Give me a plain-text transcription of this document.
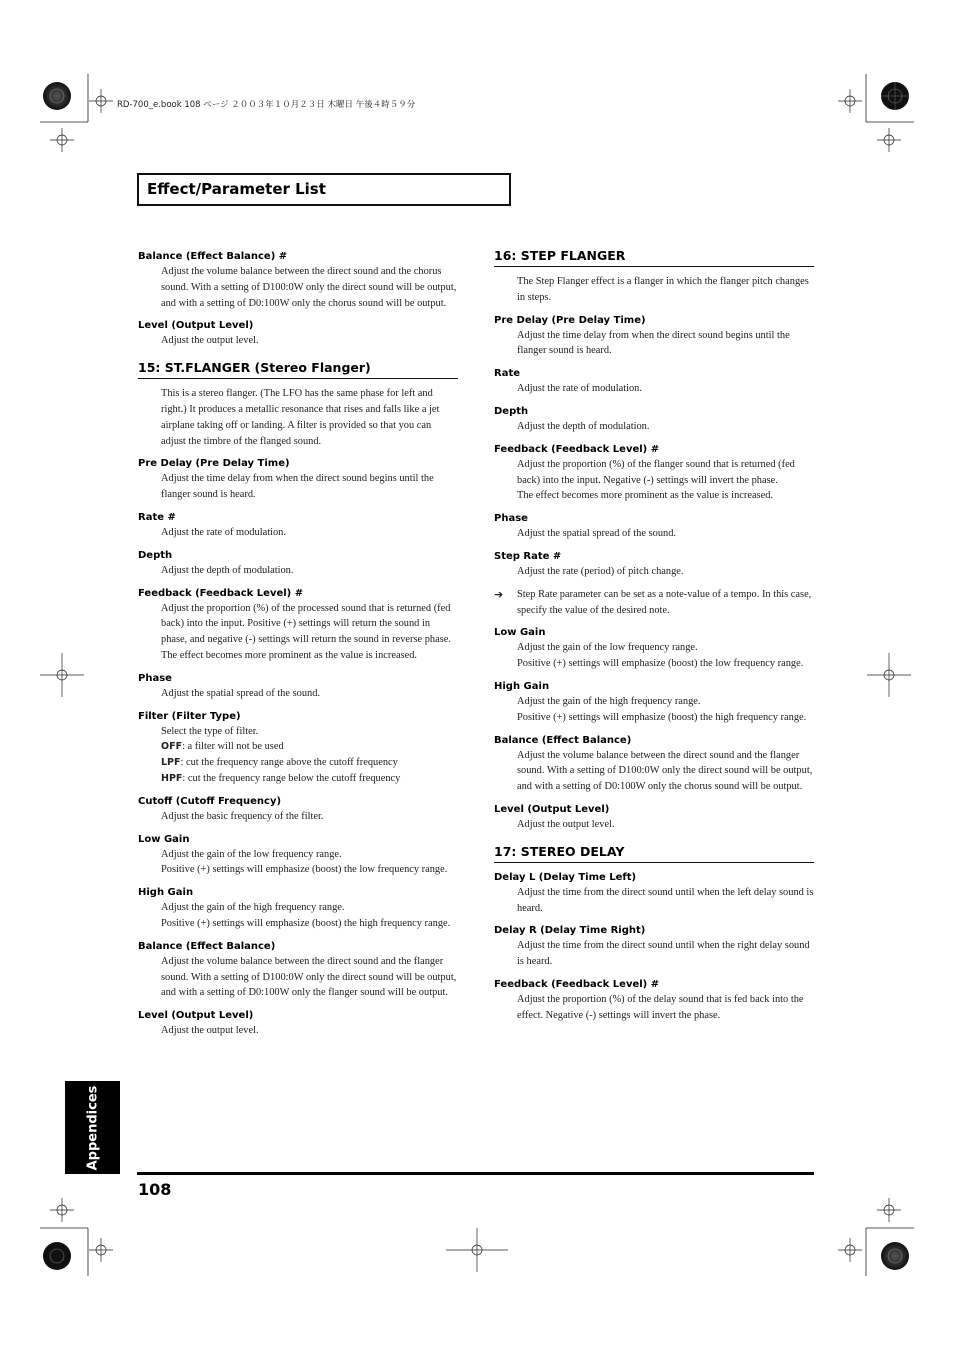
RD-700_e.book 108 ページ ２００３年１０月２３日 木曜日 午後４時５９分
Effect/Parameter List
Balance (Effect Balance) #
Adjust the volume balance between the direct sound and the chorus sound. With a setting of D100:0W only the direct sound will be output, and with a setting of D0:100W only the chorus sound will be output.
Level (Output Level)
Adjust the output level.
15: ST.FLANGER (Stereo Flanger)
This is a stereo flanger. (The LFO has the same phase for left and right.) It produces a metallic resonance that rises and falls like a jet airplane taking off or landing. A filter is provided so that you can adjust the timbre of the flanged sound.
Pre Delay (Pre Delay Time)
Adjust the time delay from when the direct sound begins until the flanger sound is heard.
Rate #
Adjust the rate of modulation.
Depth
Adjust the depth of modulation.
Feedback (Feedback Level) #
Adjust the proportion (%) of the processed sound that is returned (fed back) into the input. Positive (+) settings will return the sound in phase, and negative (-) settings will return the sound in reverse phase.
The effect becomes more prominent as the value is increased.
Phase
Adjust the spatial spread of the sound.
Filter (Filter Type)
Select the type of filter.
OFF: a filter will not be used
LPF: cut the frequency range above the cutoff frequency
HPF: cut the frequency range below the cutoff frequency
Cutoff (Cutoff Frequency)
Adjust the basic frequency of the filter.
Low Gain
Adjust the gain of the low frequency range.
Positive (+) settings will emphasize (boost) the low frequency range.
High Gain
Adjust the gain of the high frequency range.
Positive (+) settings will emphasize (boost) the high frequency range.
Balance (Effect Balance)
Adjust the volume balance between the direct sound and the flanger sound. With a setting of D100:0W only the direct sound will be output, and with a setting of D0:100W only the flanger sound will be output.
Level (Output Level)
Adjust the output level.
16: STEP FLANGER
The Step Flanger effect is a flanger in which the flanger pitch changes in steps.
Pre Delay (Pre Delay Time)
Adjust the time delay from when the direct sound begins until the flanger sound is heard.
Rate
Adjust the rate of modulation.
Depth
Adjust the depth of modulation.
Feedback (Feedback Level) #
Adjust the proportion (%) of the flanger sound that is returned (fed back) into the input. Negative (-) settings will invert the phase.
The effect becomes more prominent as the value is increased.
Phase
Adjust the spatial spread of the sound.
Step Rate #
Adjust the rate (period) of pitch change.
➔ Step Rate parameter can be set as a note-value of a tempo. In this case, specify the value of the desired note.
Low Gain
Adjust the gain of the low frequency range.
Positive (+) settings will emphasize (boost) the low frequency range.
High Gain
Adjust the gain of the high frequency range.
Positive (+) settings will emphasize (boost) the high frequency range.
Balance (Effect Balance)
Adjust the volume balance between the direct sound and the flanger sound. With a setting of D100:0W only the direct sound will be output, and with a setting of D0:100W only the chorus sound will be output.
Level (Output Level)
Adjust the output level.
17: STEREO DELAY
Delay L (Delay Time Left)
Adjust the time from the direct sound until when the left delay sound is heard.
Delay R (Delay Time Right)
Adjust the time from the direct sound until when the right delay sound is heard.
Feedback (Feedback Level) #
Adjust the proportion (%) of the delay sound that is fed back into the effect. Negative (-) settings will invert the phase.
Appendices
108
